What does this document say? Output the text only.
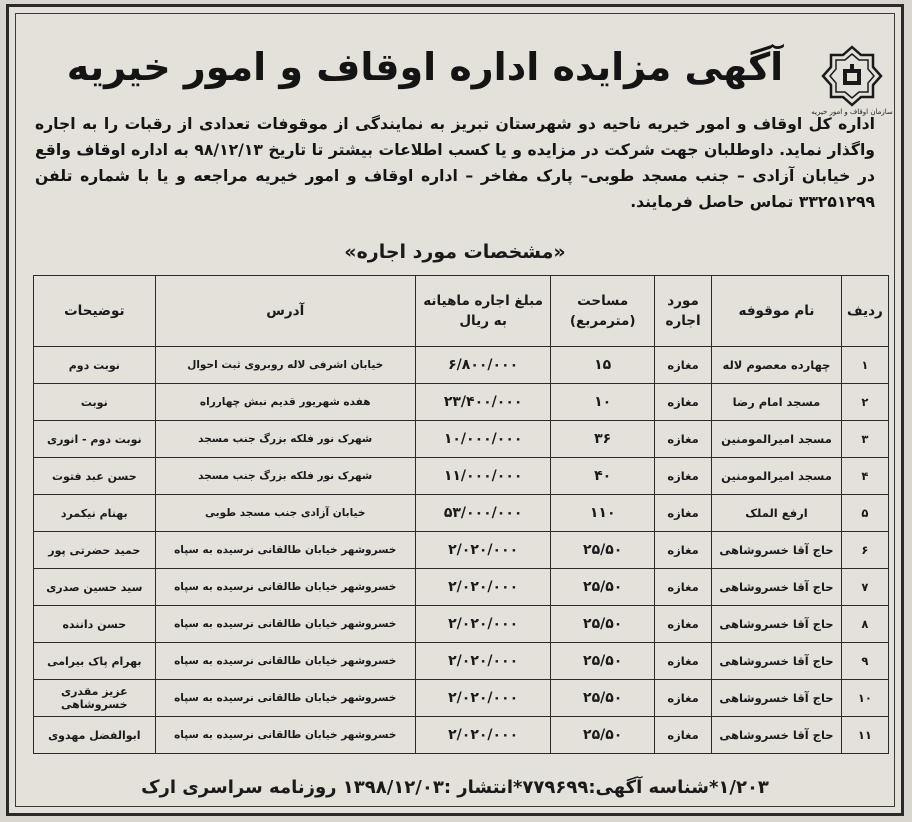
سازمان اوقاف و امور خیریه
آگهی مزایده اداره اوقاف و امور خیریه
اداره کل اوقاف و امور خیریه ناحیه دو شهرستان تبریز به نمایندگی از موقوفات تعدادی از رقبات را به اجاره واگذار نماید. داوطلبان جهت شرکت در مزایده و یا کسب اطلاعات بیشتر تا تاریخ ۹۸/۱۲/۱۳ به اداره اوقاف واقع در خیابان آزادی – جنب مسجد طوبی– پارک مفاخر – اداره اوقاف و امور خیریه مراجعه و یا با شماره تلفن ۳۳۲۵۱۲۹۹ تماس حاصل فرمایند.
«مشخصات مورد اجاره»
ردیف	نام موقوفه	مورد اجاره	مساحت (مترمربع)	مبلغ اجاره ماهیانه به ریال	آدرس	توضیحات
۱	چهارده معصوم لاله	مغازه	۱۵	۶/۸۰۰/۰۰۰	خیابان اشرفی لاله روبروی ثبت احوال	نوبت دوم
۲	مسجد امام رضا	مغازه	۱۰	۲۳/۴۰۰/۰۰۰	هفده شهریور قدیم نبش چهارراه	نوبت
۳	مسجد امیرالمومنین	مغازه	۳۶	۱۰/۰۰۰/۰۰۰	شهرک نور فلکه بزرگ جنب مسجد	نوبت دوم - انوری
۴	مسجد امیرالمومنین	مغازه	۴۰	۱۱/۰۰۰/۰۰۰	شهرک نور فلکه بزرگ جنب مسجد	حسن عبد فتوت
۵	ارفع الملک	مغازه	۱۱۰	۵۳/۰۰۰/۰۰۰	خیابان آزادی جنب مسجد طوبی	بهنام نیکمرد
۶	حاج آقا خسروشاهی	مغازه	۲۵/۵۰	۲/۰۲۰/۰۰۰	خسروشهر خیابان طالقانی نرسیده به سپاه	حمید حضرتی پور
۷	حاج آقا خسروشاهی	مغازه	۲۵/۵۰	۲/۰۲۰/۰۰۰	خسروشهر خیابان طالقانی نرسیده به سپاه	سید حسین صدری
۸	حاج آقا خسروشاهی	مغازه	۲۵/۵۰	۲/۰۲۰/۰۰۰	خسروشهر خیابان طالقانی نرسیده به سپاه	حسن داننده
۹	حاج آقا خسروشاهی	مغازه	۲۵/۵۰	۲/۰۲۰/۰۰۰	خسروشهر خیابان طالقانی نرسیده به سپاه	بهرام پاک بیرامی
۱۰	حاج آقا خسروشاهی	مغازه	۲۵/۵۰	۲/۰۲۰/۰۰۰	خسروشهر خیابان طالقانی نرسیده به سپاه	عزیز مقدری خسروشاهی
۱۱	حاج آقا خسروشاهی	مغازه	۲۵/۵۰	۲/۰۲۰/۰۰۰	خسروشهر خیابان طالقانی نرسیده به سپاه	ابوالفضل مهدوی
۱/۲۰۳*شناسه آگهی:۷۷۹۶۹۹*انتشار :۱۳۹۸/۱۲/۰۳ روزنامه سراسری ارک
